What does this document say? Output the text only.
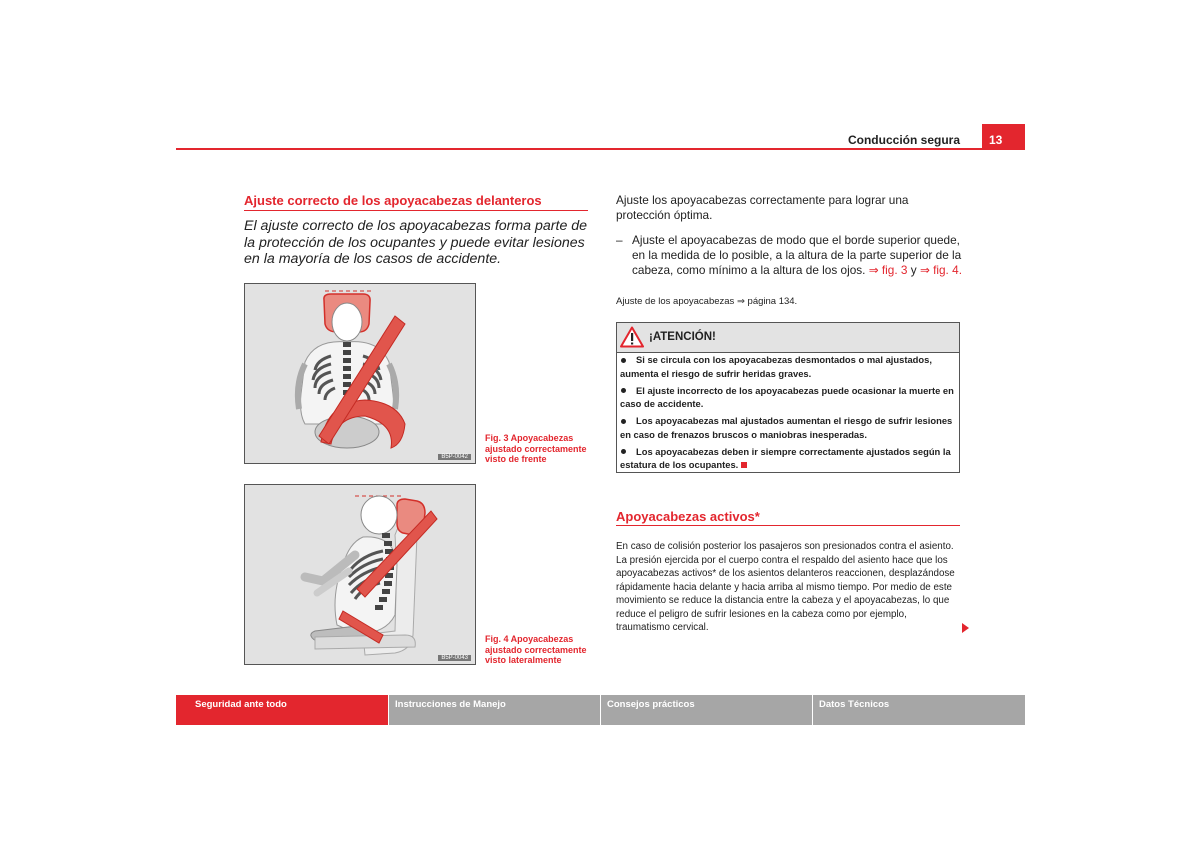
Conducción segura 13
Ajuste correcto de los apoyacabezas delanteros
El ajuste correcto de los apoyacabezas forma parte de la protección de los ocupantes y puede evitar lesiones en la mayoría de los casos de accidente.
B5P-0042
Fig. 3 Apoyacabezas ajustado correctamente visto de frente
B5P-0043
Fig. 4 Apoyacabezas ajustado correctamente visto lateralmente
Ajuste los apoyacabezas correctamente para lograr una protección óptima.
– Ajuste el apoyacabezas de modo que el borde superior quede, en la medida de lo posible, a la altura de la parte superior de la cabeza, como mínimo a la altura de los ojos. ⇒ fig. 3 y ⇒ fig. 4.
Ajuste de los apoyacabezas ⇒ página 134.
¡ATENCIÓN!
Si se circula con los apoyacabezas desmontados o mal ajustados, aumenta el riesgo de sufrir heridas graves.
El ajuste incorrecto de los apoyacabezas puede ocasionar la muerte en caso de accidente.
Los apoyacabezas mal ajustados aumentan el riesgo de sufrir lesiones en caso de frenazos bruscos o maniobras inesperadas.
Los apoyacabezas deben ir siempre correctamente ajustados según la estatura de los ocupantes.
Apoyacabezas activos*
En caso de colisión posterior los pasajeros son presionados contra el asiento. La presión ejercida por el cuerpo contra el respaldo del asiento hace que los apoyacabezas activos* de los asientos delanteros reaccionen, desplazándose rápidamente hacia delante y hacia arriba al mismo tiempo. Por medio de este movimiento se reduce la distancia entre la cabeza y el apoyacabezas, lo que reduce el peligro de sufrir lesiones en la cabeza como por ejemplo, traumatismo cervical.
Seguridad ante todo	Instrucciones de Manejo	Consejos prácticos	Datos Técnicos
